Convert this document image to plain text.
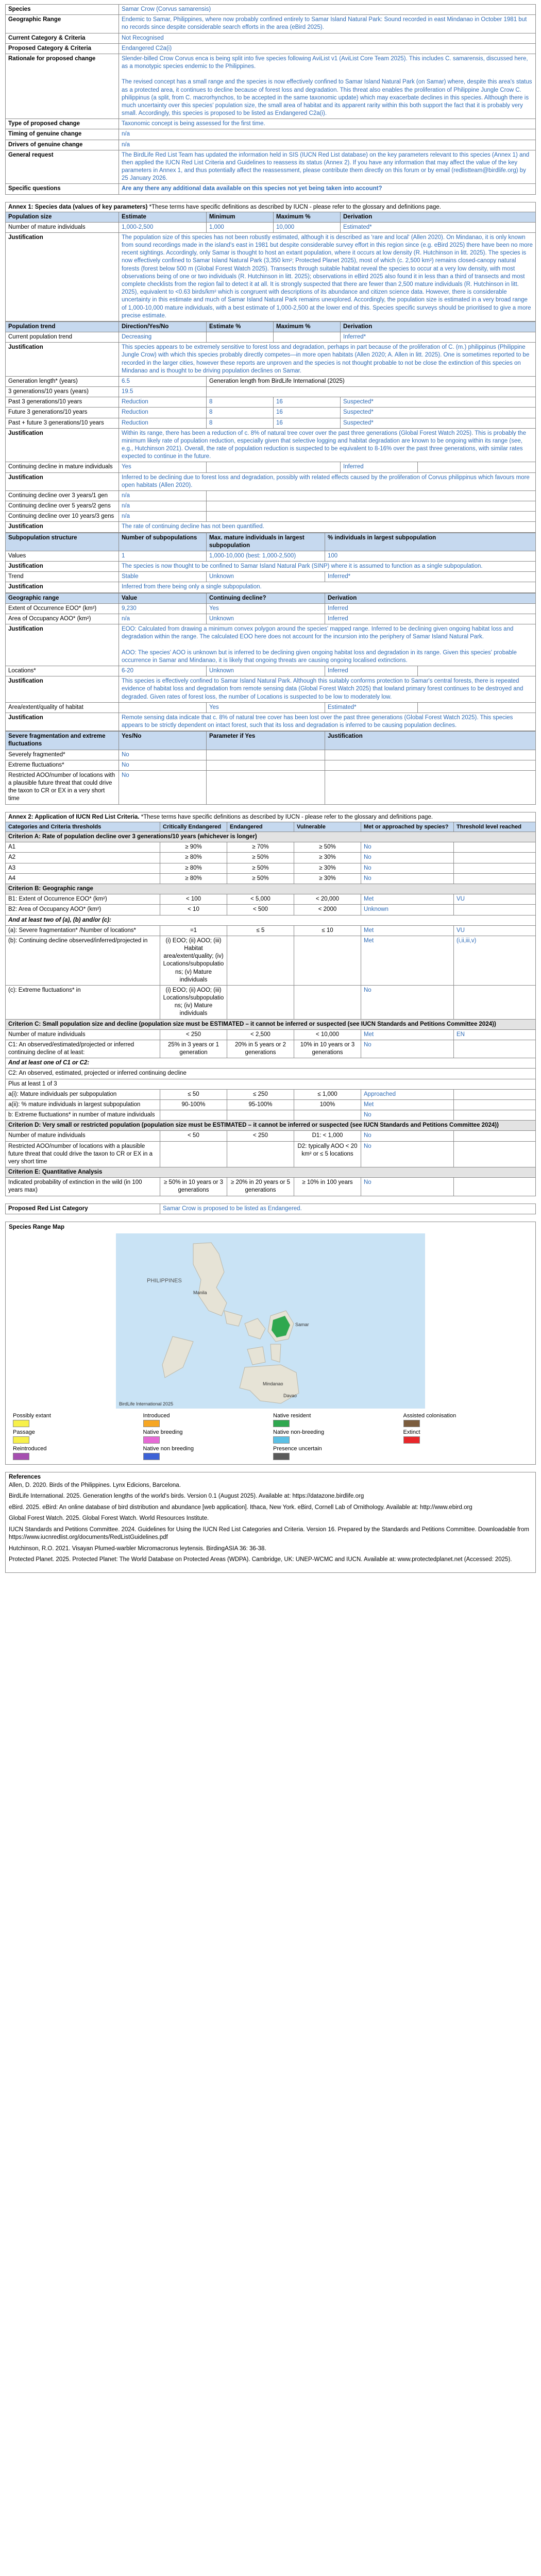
Species	Samar Crow (Corvus samarensis)
Geographic Range	Endemic to Samar, Philippines, where now probably confined entirely to Samar Island Natural Park: Sound recorded in east Mindanao in October 1981 but no records since despite considerable search efforts in the area (eBird 2025).
Current Category & Criteria	Not Recognised
Proposed Category & Criteria	Endangered C2a(i)
Rationale for proposed change	Slender-billed Crow Corvus enca is being split into five species following AviList v1 (AviList Core Team 2025). This includes C. samarensis, discussed here, as a monotypic species endemic to the Philippines.

The revised concept has a small range and the species is now effectively confined to Samar Island Natural Park (on Samar) where, despite this area's status as a protected area, it continues to decline because of forest loss and degradation. This threat also enables the proliferation of Philippine Jungle Crow C. philippinus (a split, from C. macrorhynchos, to be accepted in the same taxonomic update) which may exacerbate declines in this species. Although there is much uncertainty over this species' population size, the small area of habitat and its apparent rarity within this both support the fact that it is probably very small. Accordingly, this species is proposed to be listed as Endangered C2a(i).
Type of proposed change	Taxonomic concept is being assessed for the first time.
Timing of genuine change	n/a
Drivers of genuine change	n/a
General request	The BirdLife Red List Team has updated the information held in SIS (IUCN Red List database) on the key parameters relevant to this species (Annex 1) and then applied the IUCN Red List Criteria and Guidelines to reassess its status (Annex 2). If you have any information that may affect the value of the key parameters in Annex 1, and thus potentially affect the reassessment, please contribute them directly on this forum or by email (redlistteam@birdlife.org) by 25 January 2026.
Specific questions	Are any there any additional data available on this species not yet being taken into account?
Annex 1: Species data (values of key parameters) *These terms have specific definitions as described by IUCN - please refer to the glossary and definitions page.
Population size	Estimate	Minimum	Maximum %	Derivation
Number of mature individuals	1,000-2,500	1,000	10,000	Estimated*
Justification	The population size of this species has not been robustly estimated, although it is described as 'rare and local' (Allen 2020). On Mindanao, it is only known from sound recordings made in the island's east in 1981 but despite considerable survey effort in this region since (e.g. eBird 2025) there have been no more recent sightings. Accordingly, only Samar is thought to host an extant population, where it occurs at low density (R. Hutchinson in litt. 2025). The species is now effectively confined to Samar Island Natural Park (3,350 km²; Protected Planet 2025), most of which (c. 2,500 km²) remains closed-canopy natural forests (forest below 500 m (Global Forest Watch 2025). Transects through suitable habitat reveal the species to occur at a very low density, with most observations being of one or two individuals (R. Hutchinson in litt. 2025); observations in eBird 2025 also found it in less than a third of transects and most complete checklists from the region fail to detect it at all. It is strongly suspected that there are fewer than 2,500 mature individuals (R. Hutchinson in litt. 2025), equivalent to <0.63 birds/km² which is congruent with descriptions of its abundance and citizen science data. However, there is considerable uncertainty in this estimate and much of Samar Island Natural Park remains unexplored. Accordingly, the population size is estimated in a very broad range of 1,000-10,000 mature individuals, with a best estimate of 1,000-2,500 at the lower end of this. Species specific surveys should be prioritised to give a more precise estimate.			
Population trend	Direction/Yes/No	Estimate %	Maximum %	Derivation	
Current population trend	Decreasing			Inferred*	
Justification	This species appears to be extremely sensitive to forest loss and degradation, perhaps in part because of the proliferation of C. (m.) philippinus (Philippine Jungle Crow) with which this species probably directly competes—in more open habitats (Allen 2020; A. Allen in litt. 2025). One is sometimes reported to be recorded in the larger cities, however these reports are unproven and the species is not thought probable to not be close the extinction of this species on Mindanao and is thought to be driving population declines on Samar.				
Generation length* (years)	6.5	Generation length from BirdLife International (2025)			
3 generations/10 years (years)	19.5				
Past 3 generations/10 years	Reduction	8	16	Suspected*	
Future 3 generations/10 years	Reduction	8	16	Suspected*	
Past + future 3 generations/10 years	Reduction	8	16	Suspected*	
Justification	Within its range, there has been a reduction of c. 8% of natural tree cover over the past three generations (Global Forest Watch 2025). This is probably the minimum likely rate of population reduction, especially given that selective logging and habitat degradation are known to be ongoing within its range (see, e.g., Hutchinson 2021). Overall, the rate of population reduction is suspected to be equivalent to 8-16% over the past three generations, with similar rates expected to continue in the future.				
Continuing decline in mature individuals	Yes			Inferred	
Justification	Inferred to be declining due to forest loss and degradation, possibly with related effects caused by the proliferation of Corvus philippinus which favours more open habitats (Allen 2020).				
Continuing decline over 3 years/1 gen	n/a				
Continuing decline over 5 years/2 gens	n/a				
Continuing decline over 10 years/3 gens	n/a				
Justification	The rate of continuing decline has not been quantified.				
Subpopulation structure	Number of subpopulations	Max. mature individuals in largest subpopulation	% individuals in largest subpopulation
Values	1	1,000-10,000 (best: 1,000-2,500)	100
Justification	The species is now thought to be confined to Samar Island Natural Park (SINP) where it is assumed to function as a single subpopulation.		
Trend	Stable	Unknown	Inferred*
Justification	Inferred from there being only a single subpopulation.		
Geographic range	Value	Continuing decline?	Derivation	
Extent of Occurrence EOO* (km²)	9,230	Yes	Inferred	
Area of Occupancy AOO* (km²)	n/a	Unknown	Inferred	
Justification	EOO: Calculated from drawing a minimum convex polygon around the species' mapped range. Inferred to be declining given ongoing habitat loss and degradation within the range. The calculated EOO here does not account for the incursion into the periphery of Samar Island Natural Park.

AOO: The species' AOO is unknown but is inferred to be declining given ongoing habitat loss and degradation in its range. Given this species' probable occurrence in Samar and Mindanao, it is likely that ongoing threats are causing ongoing localised extinctions.			
Locations*	6-20	Unknown	Inferred	
Justification	This species is effectively confined to Samar Island Natural Park. Although this suitably conforms protection to Samar's central forests, there is repeated evidence of habitat loss and degradation from remote sensing data (Global Forest Watch 2025) that lowland primary forest continues to be destroyed and degraded. Given rates of forest loss, the number of Locations is suspected to be low to moderately low.			
Area/extent/quality of habitat		Yes	Estimated*	
Justification	Remote sensing data indicate that c. 8% of natural tree cover has been lost over the past three generations (Global Forest Watch 2025). This species appears to be strictly dependent on intact forest, such that its loss and degradation is inferred to be causing population declines.			
Severe fragmentation and extreme fluctuations	Yes/No	Parameter if Yes	Justification
Severely fragmented*	No		
Extreme fluctuations*	No		
Restricted AOO/number of locations with a plausible future threat that could drive the taxon to CR or EX in a very short time	No		
Annex 2: Application of IUCN Red List Criteria. *These terms have specific definitions as described by IUCN - please refer to the glossary and definitions page.
Categories and Criteria thresholds	Critically Endangered	Endangered	Vulnerable	Met or approached by species?	Threshold level reached
Criterion A: Rate of population decline over 3 generations/10 years (whichever is longer)					
A1	≥ 90%	≥ 70%	≥ 50%	No	
A2	≥ 80%	≥ 50%	≥ 30%	No	
A3	≥ 80%	≥ 50%	≥ 30%	No	
A4	≥ 80%	≥ 50%	≥ 30%	No	
Criterion B: Geographic range					
B1: Extent of Occurrence EOO* (km²)	< 100	< 5,000	< 20,000	Met	VU
B2: Area of Occupancy AOO* (km²)	< 10	< 500	< 2000	Unknown	
And at least two of (a), (b) and/or (c):					
(a): Severe fragmentation* /Number of locations*	=1	≤ 5	≤ 10	Met	VU
(b): Continuing decline observed/inferred/projected in	(i) EOO; (ii) AOO; (iii) Habitat area/extent/quality; (iv) Locations/subpopulations; (v) Mature individuals			Met	(i,ii,iii,v)
(c): Extreme fluctuations* in	(i) EOO; (ii) AOO; (iii) Locations/subpopulations; (iv) Mature individuals			No	
Criterion C: Small population size and decline (population size must be ESTIMATED – it cannot be inferred or suspected (see IUCN Standards and Petitions Committee 2024))					
Number of mature individuals	< 250	< 2,500	< 10,000	Met	EN
C1: An observed/estimated/projected or inferred continuing decline of at least:	25% in 3 years or 1 generation	20% in 5 years or 2 generations	10% in 10 years or 3 generations	No	
And at least one of C1 or C2:					
C2: An observed, estimated, projected or inferred continuing decline					
Plus at least 1 of 3					
a(i): Mature individuals per subpopulation	≤ 50	≤ 250	≤ 1,000	Approached	
a(ii): % mature individuals in largest subpopulation	90-100%	95-100%	100%	Met	
b: Extreme fluctuations* in number of mature individuals				No	
Criterion D: Very small or restricted population (population size must be ESTIMATED – it cannot be inferred or suspected (see IUCN Standards and Petitions Committee 2024))					
Number of mature individuals	< 50	< 250	D1: < 1,000	No	
Restricted AOO/number of locations with a plausible future threat that could drive the taxon to CR or EX in a very short time			D2: typically AOO < 20 km² or ≤ 5 locations	No	
Criterion E: Quantitative Analysis					
Indicated probability of extinction in the wild (in 100 years max)	≥ 50% in 10 years or 3 generations	≥ 20% in 20 years or 5 generations	≥ 10% in 100 years	No	
Proposed Red List Category	Samar Crow is proposed to be listed as Endangered.
Species Range Map
PHILIPPINES
Manila
Samar
Mindanao
Davao
BirdLife International 2025
Possibly extant	Introduced	Native resident	Assisted colonisation
Passage	Native breeding	Native non-breeding	Extinct
Reintroduced	Native non breeding	Presence uncertain
References

Allen, D. 2020. Birds of the Philippines. Lynx Edicions, Barcelona.

BirdLife International. 2025. Generation lengths of the world's birds. Version 0.1 (August 2025). Available at: https://datazone.birdlife.org

eBird. 2025. eBird: An online database of bird distribution and abundance [web application]. Ithaca, New York. eBird, Cornell Lab of Ornithology. Available at: http://www.ebird.org

Global Forest Watch. 2025. Global Forest Watch. World Resources Institute.

IUCN Standards and Petitions Committee. 2024. Guidelines for Using the IUCN Red List Categories and Criteria. Version 16. Prepared by the Standards and Petitions Committee. Downloadable from https://www.iucnredlist.org/documents/RedListGuidelines.pdf

Hutchinson, R.O. 2021. Visayan Plumed-warbler Micromacronus leytensis. BirdingASIA 36: 36-38.

Protected Planet. 2025. Protected Planet: The World Database on Protected Areas (WDPA). Cambridge, UK: UNEP-WCMC and IUCN. Available at: www.protectedplanet.net (Accessed: 2025).
